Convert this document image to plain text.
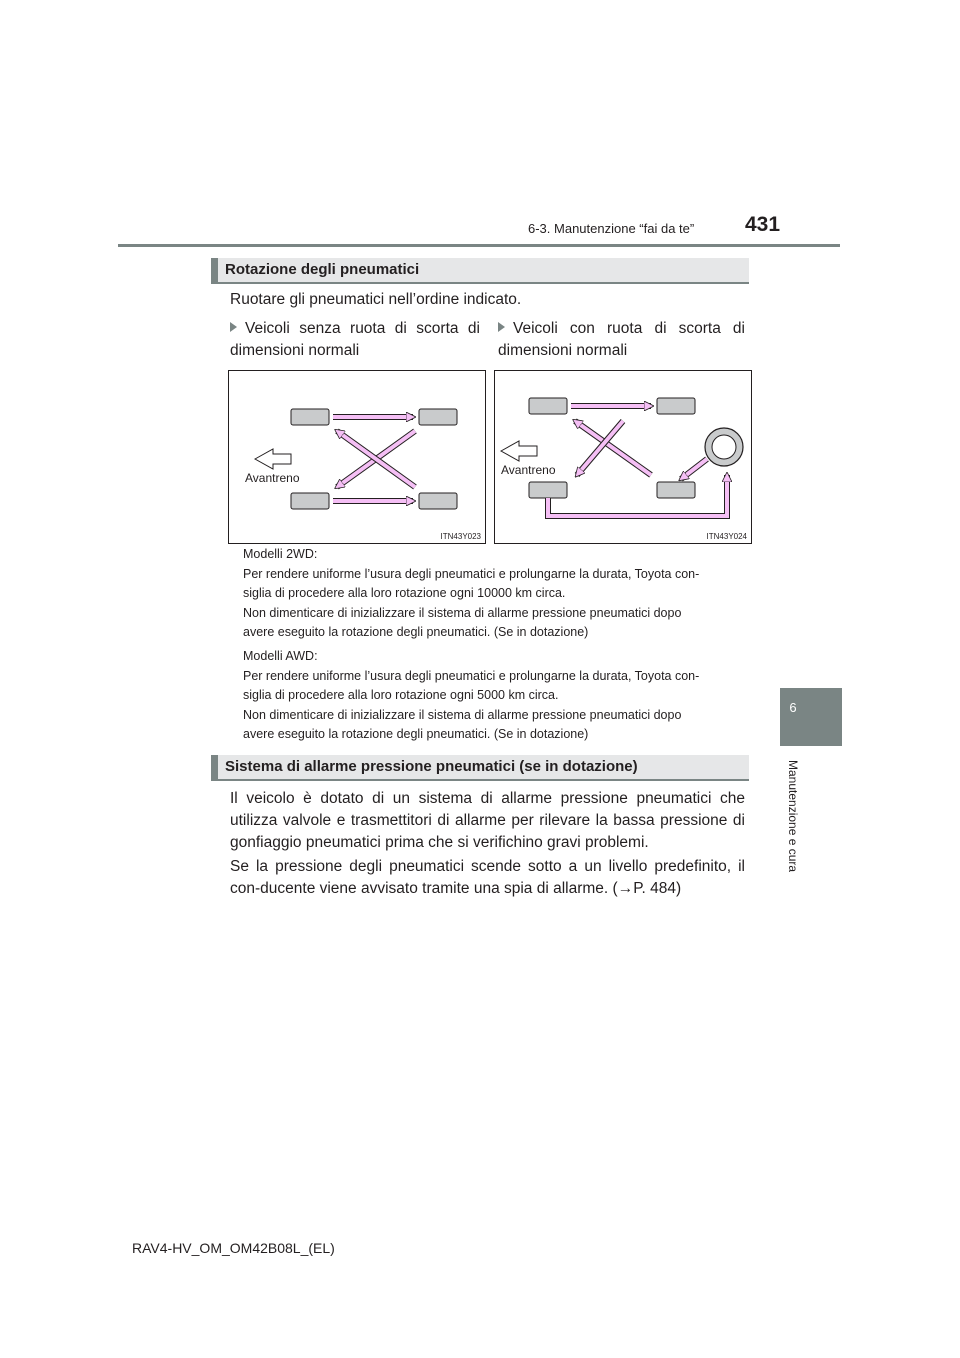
6-3. Manutenzione “fai da te” 431
6
Manutenzione e cura
Rotazione degli pneumatici
Ruotare gli pneumatici nell’ordine indicato.
Veicoli senza ruota di scorta di dimensioni normali
Veicoli con ruota di scorta di dimensioni normali
Avantreno
ITN43Y023
Avantreno
ITN43Y024
Modelli 2WD:
Per rendere uniforme l’usura degli pneumatici e prolungarne la durata, Toyota con-
siglia di procedere alla loro rotazione ogni 10000 km circa.
Non dimenticare di inizializzare il sistema di allarme pressione pneumatici dopo
avere eseguito la rotazione degli pneumatici. (Se in dotazione)
Modelli AWD:
Per rendere uniforme l’usura degli pneumatici e prolungarne la durata, Toyota con-
siglia di procedere alla loro rotazione ogni 5000 km circa.
Non dimenticare di inizializzare il sistema di allarme pressione pneumatici dopo
avere eseguito la rotazione degli pneumatici. (Se in dotazione)
Sistema di allarme pressione pneumatici (se in dotazione)
Il veicolo è dotato di un sistema di allarme pressione pneumatici che utilizza valvole e trasmettitori di allarme per rilevare la bassa pressione di gonfiaggio pneumatici prima che si verifichino gravi problemi.
Se la pressione degli pneumatici scende sotto a un livello predefinito, il con-ducente viene avvisato tramite una spia di allarme. (→P. 484)
RAV4-HV_OM_OM42B08L_(EL)
